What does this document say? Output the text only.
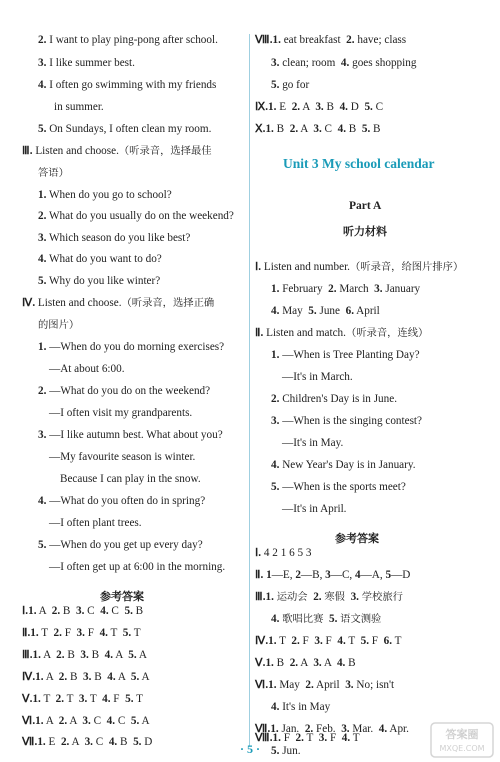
2. I want to play ping-pong after school.
3. I like summer best.
4. I often go swimming with my friends
in summer.
5. On Sundays, I often clean my room.
Ⅲ. Listen and choose.（听录音，选择最佳
答语）
1. When do you go to school?
2. What do you usually do on the weekend?
3. Which season do you like best?
4. What do you want to do?
5. Why do you like winter?
Ⅳ. Listen and choose.（听录音，选择正确
的图片）
1. —When do you do morning exercises?
—At about 6:00.
2. —What do you do on the weekend?
—I often visit my grandparents.
3. —I like autumn best. What about you?
—My favourite season is winter.
Because I can play in the snow.
4. —What do you often do in spring?
—I often plant trees.
5. —When do you get up every day?
—I often get up at 6:00 in the morning.
Ⅰ.1. A  2. B  3. C  4. C  5. B
Ⅱ.1. T  2. F  3. F  4. T  5. T
Ⅲ.1. A  2. B  3. B  4. A  5. A
Ⅳ.1. A  2. B  3. B  4. A  5. A
Ⅴ.1. T  2. T  3. T  4. F  5. T
Ⅵ.1. A  2. A  3. C  4. C  5. A
Ⅶ.1. E  2. A  3. C  4. B  5. D
参考答案
Ⅷ.1. eat breakfast  2. have; class
3. clean; room  4. goes shopping
5. go for
Ⅸ.1. E  2. A  3. B  4. D  5. C
Ⅹ.1. B  2. A  3. C  4. B  5. B
Ⅰ. Listen and number.（听录音，给图片排序）
1. February  2. March  3. January
4. May  5. June  6. April
Ⅱ. Listen and match.（听录音，连线）
1. —When is Tree Planting Day?
—It's in March.
2. Children's Day is in June.
3. —When is the singing contest?
—It's in May.
4. New Year's Day is in January.
5. —When is the sports meet?
—It's in April.
Ⅰ. 4 2 1 6 5 3
Ⅱ. 1—E, 2—B, 3—C, 4—A, 5—D
Ⅲ.1. 运动会 2. 寒假 3. 学校旅行
4. 歌唱比赛 5. 语文测验
Ⅳ.1. T  2. F  3. F  4. T  5. F  6. T
Ⅴ.1. B  2. A  3. A  4. B
Ⅵ.1. May  2. April  3. No; isn't
4. It's in May
Ⅶ.1. Jan.  2. Feb.  3. Mar.  4. Apr.
5. Jun.
Ⅷ.1. F  2. T  3. F  4. T
Unit 3 My school calendar
Part A
听力材料
参考答案
· 5 ·
答案圈
MXQE.COM
